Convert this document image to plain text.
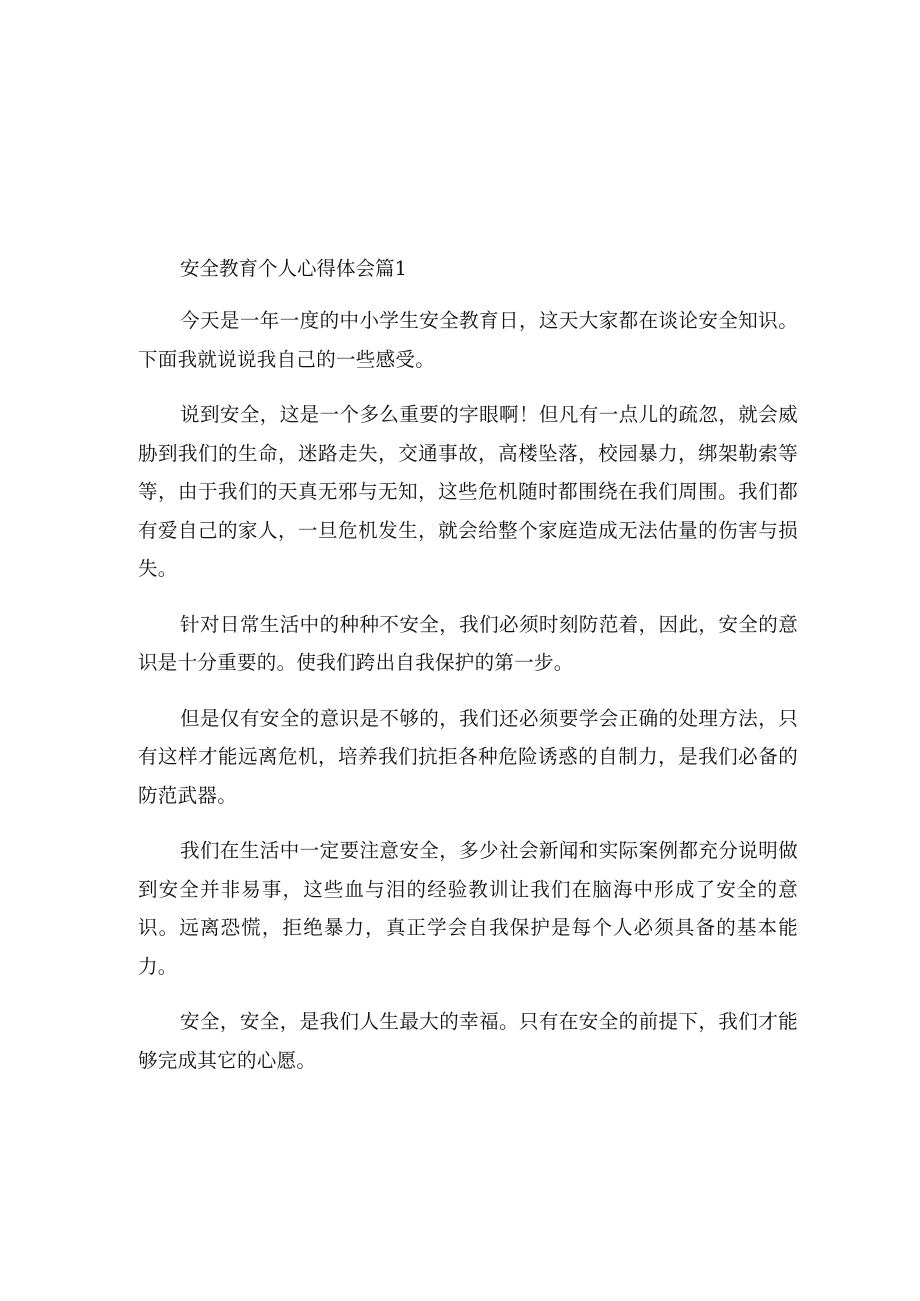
安全教育个人心得体会篇1

今天是一年一度的中小学生安全教育日，这天大家都在谈论安全知识。下面我就说说我自己的一些感受。

说到安全，这是一个多么重要的字眼啊！但凡有一点儿的疏忽，就会威胁到我们的生命，迷路走失，交通事故，高楼坠落，校园暴力，绑架勒索等等，由于我们的天真无邪与无知，这些危机随时都围绕在我们周围。我们都有爱自己的家人，一旦危机发生，就会给整个家庭造成无法估量的伤害与损失。

针对日常生活中的种种不安全，我们必须时刻防范着，因此，安全的意识是十分重要的。使我们跨出自我保护的第一步。

但是仅有安全的意识是不够的，我们还必须要学会正确的处理方法，只有这样才能远离危机，培养我们抗拒各种危险诱惑的自制力，是我们必备的防范武器。

我们在生活中一定要注意安全，多少社会新闻和实际案例都充分说明做到安全并非易事，这些血与泪的经验教训让我们在脑海中形成了安全的意识。远离恐慌，拒绝暴力，真正学会自我保护是每个人必须具备的基本能力。

安全，安全，是我们人生最大的幸福。只有在安全的前提下，我们才能够完成其它的心愿。
